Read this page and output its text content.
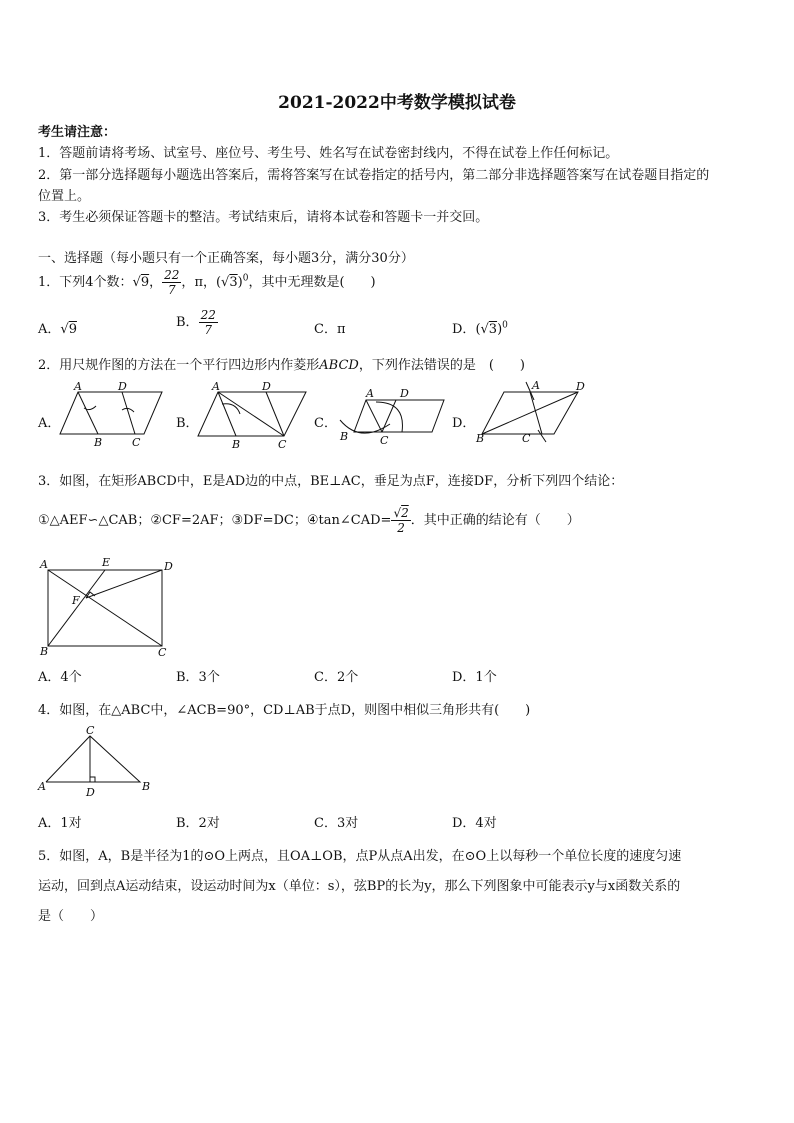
2021-2022中考数学模拟试卷
考生请注意：
1．答题前请将考场、试室号、座位号、考生号、姓名写在试卷密封线内，不得在试卷上作任何标记。
2．第一部分选择题每小题选出答案后，需将答案写在试卷指定的括号内，第二部分非选择题答案写在试卷题目指定的
位置上。
3．考生必须保证答题卡的整洁。考试结束后，请将本试卷和答题卡一并交回。
一、选择题（每小题只有一个正确答案，每小题3分，满分30分）
1．下列4个数：√9， $\frac{22}{7}$ ，π，$(√3)^0$，其中无理数是(　　)
A．√9	B． $\frac{22}{7}$	C．π	D．$(√3)^0$
2．用尺规作图的方法在一个平行四边形内作菱形ABCD，下列作法错误的是　(　　)
A．
A	D
B	C
B．
A	D
B	C
C．
A D
B	C
D．
A	D
B	C
3．如图，在矩形ABCD中，E是AD边的中点，BE⊥AC，垂足为点F，连接DF，分析下列四个结论：
①△AEF∽△CAB；②CF=2AF；③DF=DC；④tan∠CAD= $\frac{√2}{2}$ ．其中正确的结论有（　　）
A	E	D
F
B	C
A．4个	B．3个	C．2个	D．1个
4．如图，在△ABC中，∠ACB=90°，CD⊥AB于点D，则图中相似三角形共有(　　)
C
A	D	B
A．1对	B．2对	C．3对	D．4对
5．如图，A，B是半径为1的⊙O上两点，且OA⊥OB，点P从点A出发，在⊙O上以每秒一个单位长度的速度匀速
运动，回到点A运动结束，设运动时间为x（单位：s），弦BP的长为y，那么下列图象中可能表示y与x函数关系的
是（　　）
